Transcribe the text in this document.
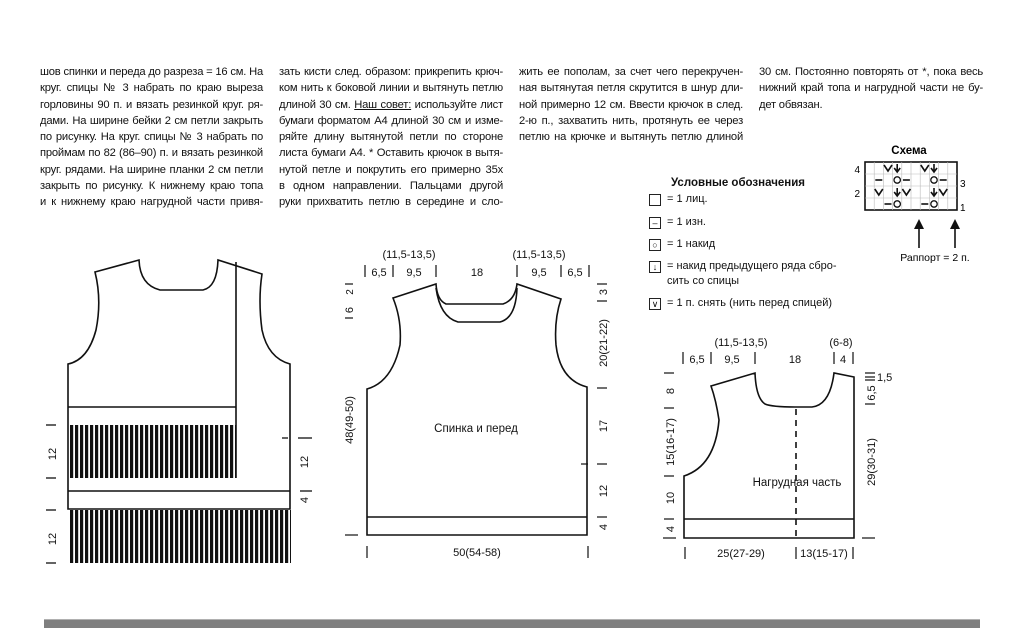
шов спинки и переда до разреза = 16 см. На
круг. спицы № 3 набрать по краю выреза
горловины 90 п. и вязать резинкой круг. ря-
дами. На ширине бейки 2 см петли закрыть
по рисунку. На круг. спицы № 3 набрать по
проймам по 82 (86–90) п. и вязать резинкой
круг. рядами. На ширине планки 2 см петли
закрыть по рисунку. К нижнему краю топа
и к нижнему краю нагрудной части привя-
зать кисти след. образом: прикрепить крюч-
ком нить к боковой линии и вытянуть петлю
длиной 30 см. Наш совет: используйте лист
бумаги форматом А4 длиной 30 см и изме-
ряйте длину вытянутой петли по стороне
листа бумаги А4. * Оставить крючок в вытя-
нутой петле и покрутить его примерно 35х
в одном направлении. Пальцами другой
руки прихватить петлю в середине и сло-
жить ее пополам, за счет чего перекручен-
ная вытянутая петля скрутится в шнур дли-
ной примерно 12 см. Ввести крючок в след.
2-ю п., захватить нить, протянуть ее через
петлю на крючке и вытянуть петлю длиной
30 см. Постоянно повторять от *, пока весь
нижний край топа и нагрудной части не бу-
дет обвязан.
Условные обозначения
= 1 лиц.
– = 1 изн.
○ = 1 накид
↓ = накид предыдущего ряда сбро-
сить со спицы
∨ = 1 п. снять (нить перед спицей)
Схема
4
3
2
1
Раппорт = 2 п.
12
12
12
4
Спинка и перед
(11,5-13,5)	(11,5-13,5)
6,5 9,5	18	9,5 6,5
2
6
48(49-50)
3
20(21-22)
17
12
4
50(54-58)
Нагрудная часть
(11,5-13,5)	(6-8)
6,5 9,5	18	4
8
15(16-17)
10
4
1,5
6,5
29(30-31)
25(27-29)	13(15-17)
